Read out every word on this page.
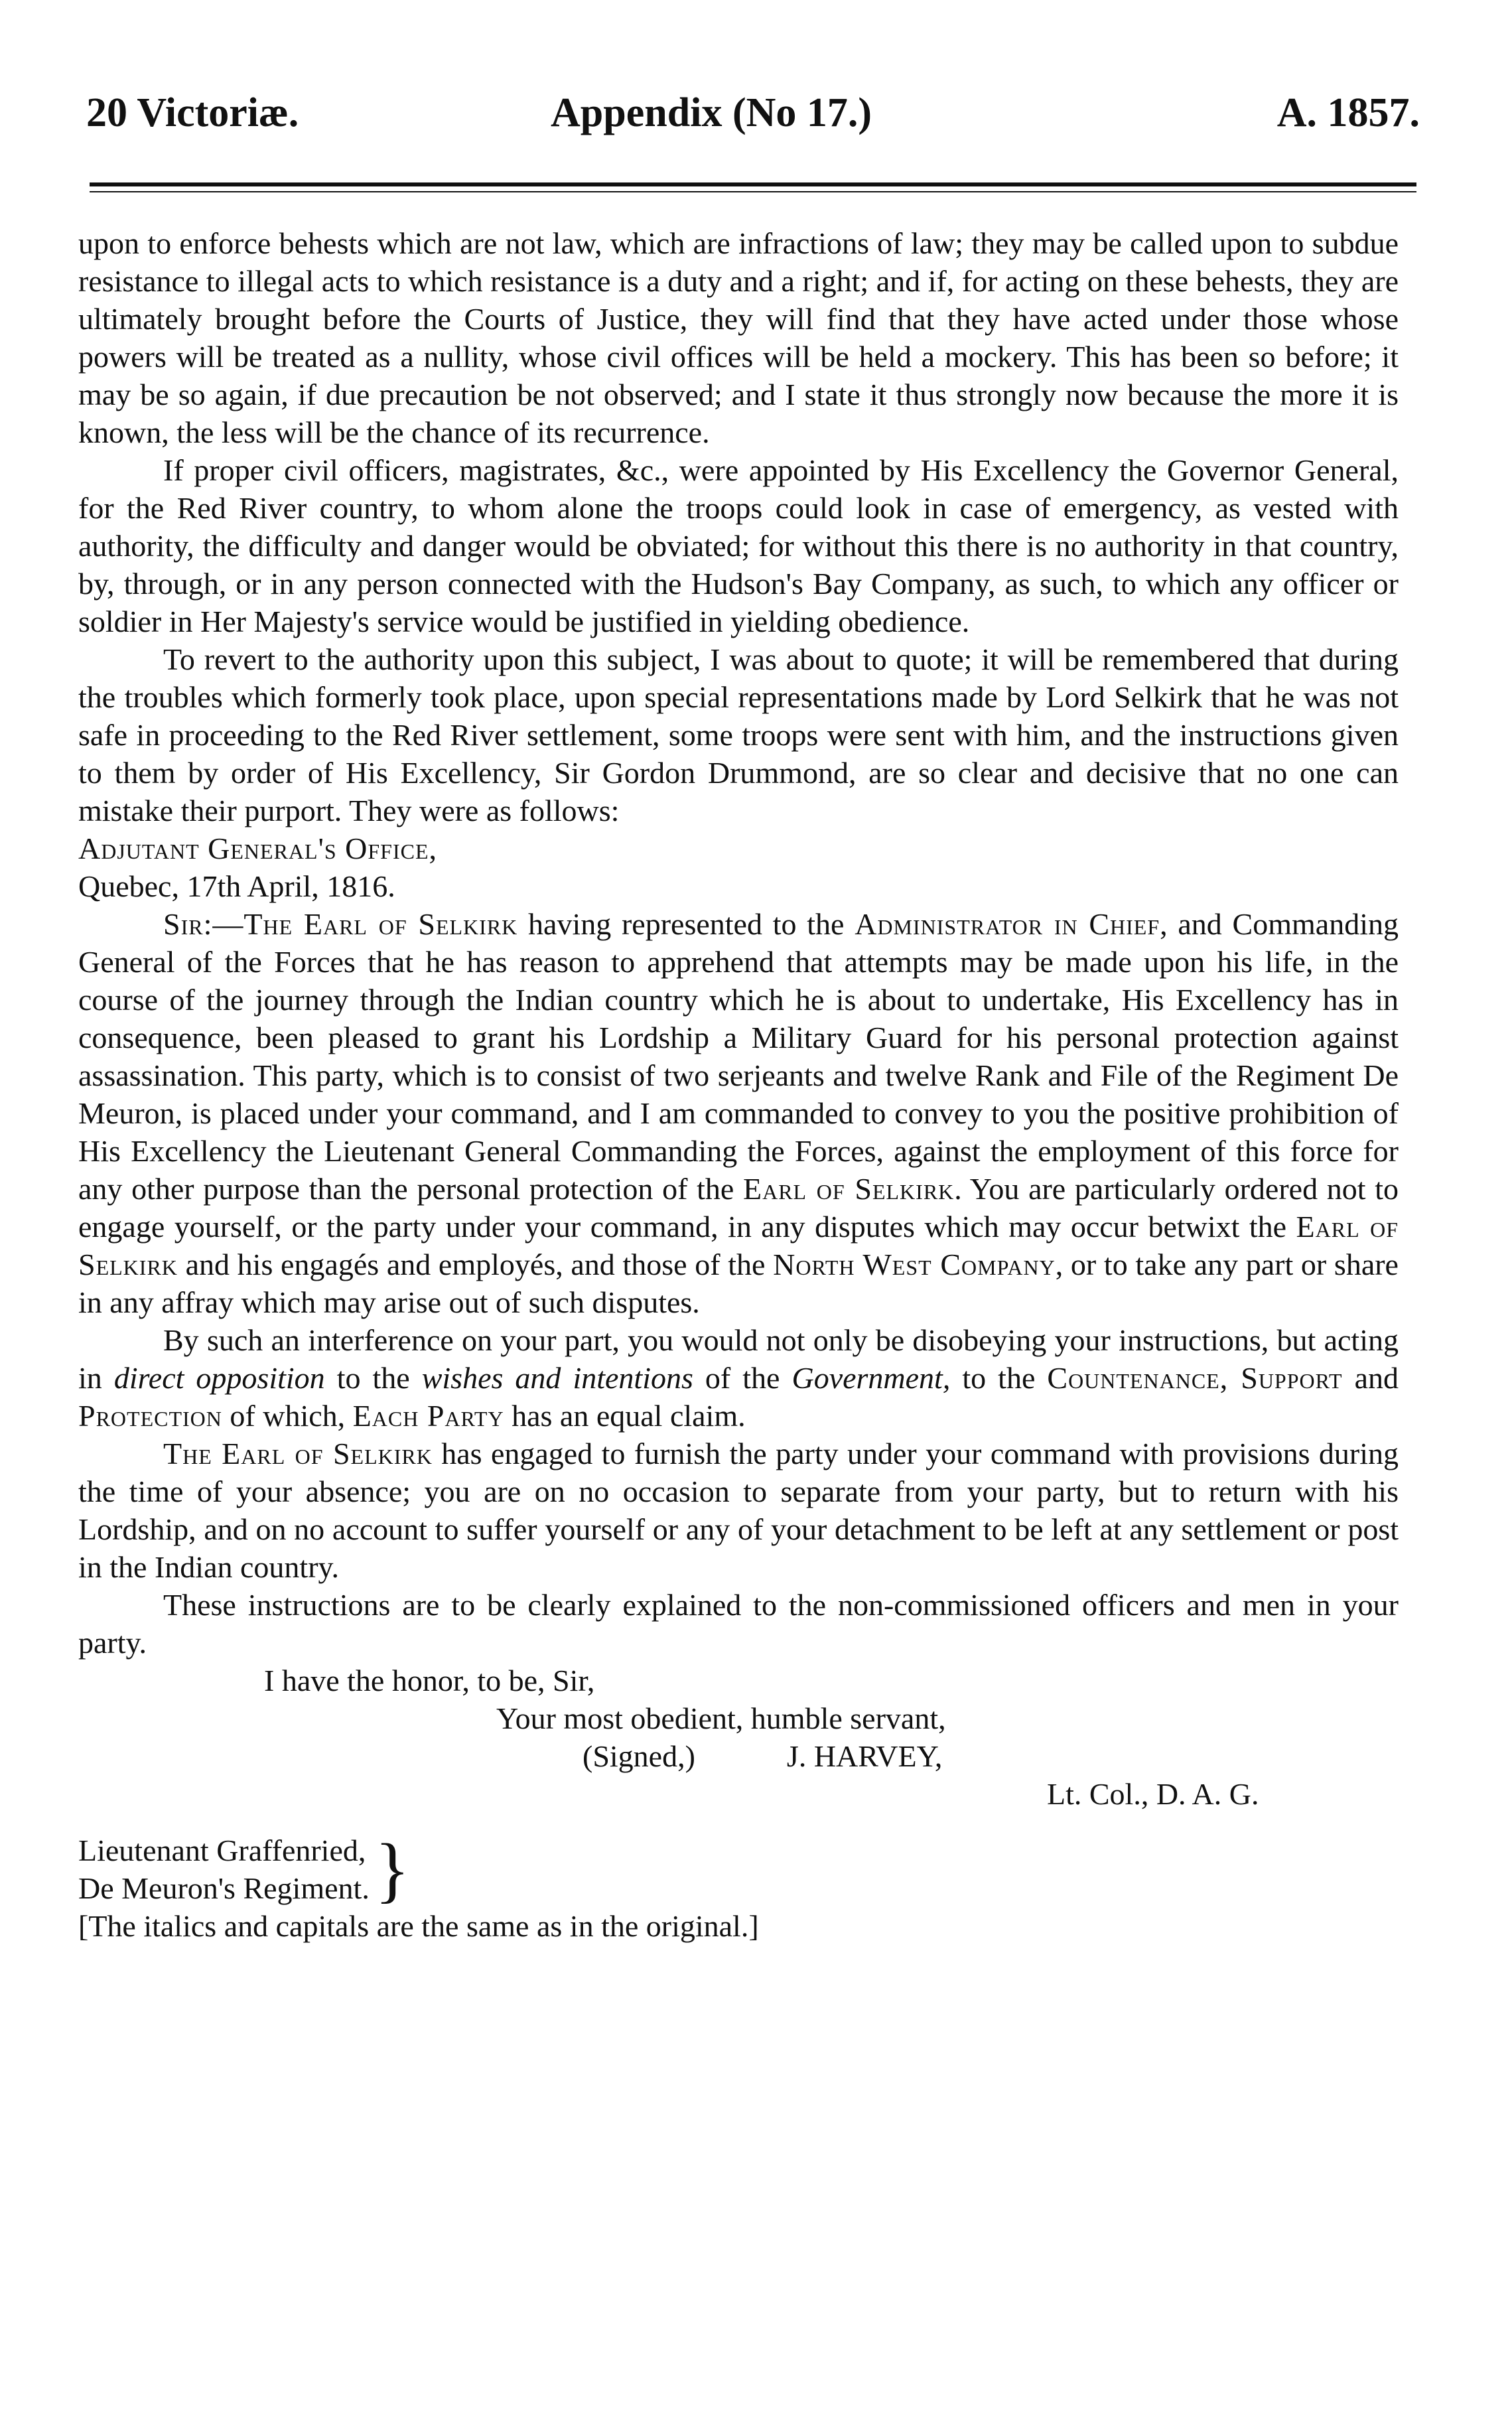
20 Victoriæ.	Appendix (No 17.)	A. 1857.

upon to enforce behests which are not law, which are infractions of law; they may be called upon to subdue resistance to illegal acts to which resistance is a duty and a right; and if, for acting on these behests, they are ultimately brought before the Courts of Justice, they will find that they have acted under those whose powers will be treated as a nullity, whose civil offices will be held a mockery. This has been so before; it may be so again, if due precaution be not observed; and I state it thus strongly now because the more it is known, the less will be the chance of its recurrence.

If proper civil officers, magistrates, &c., were appointed by His Excellency the Governor General, for the Red River country, to whom alone the troops could look in case of emergency, as vested with authority, the difficulty and danger would be obviated; for without this there is no authority in that country, by, through, or in any person connected with the Hudson's Bay Company, as such, to which any officer or soldier in Her Majesty's service would be justified in yielding obedience.

To revert to the authority upon this subject, I was about to quote; it will be remembered that during the troubles which formerly took place, upon special representations made by Lord Selkirk that he was not safe in proceeding to the Red River settlement, some troops were sent with him, and the instructions given to them by order of His Excellency, Sir Gordon Drummond, are so clear and decisive that no one can mistake their purport. They were as follows:

Adjutant General's Office,

Quebec, 17th April, 1816.

Sir:—The Earl of Selkirk having represented to the Administrator in Chief, and Commanding General of the Forces that he has reason to apprehend that attempts may be made upon his life, in the course of the journey through the Indian country which he is about to undertake, His Excellency has in consequence, been pleased to grant his Lordship a Military Guard for his personal protection against assassination. This party, which is to consist of two serjeants and twelve Rank and File of the Regiment De Meuron, is placed under your command, and I am commanded to convey to you the positive prohibition of His Excellency the Lieutenant General Commanding the Forces, against the employment of this force for any other purpose than the personal protection of the Earl of Selkirk. You are particularly ordered not to engage yourself, or the party under your command, in any disputes which may occur betwixt the Earl of Selkirk and his engagés and employés, and those of the North West Company, or to take any part or share in any affray which may arise out of such disputes.

By such an interference on your part, you would not only be disobeying your instructions, but acting in direct opposition to the wishes and intentions of the Government, to the Countenance, Support and Protection of which, Each Party has an equal claim.

The Earl of Selkirk has engaged to furnish the party under your command with provisions during the time of your absence; you are on no occasion to separate from your party, but to return with his Lordship, and on no account to suffer yourself or any of your detachment to be left at any settlement or post in the Indian country.

These instructions are to be clearly explained to the non-commissioned officers and men in your party.

I have the honor, to be, Sir,

Your most obedient, humble servant,

(Signed,)	J. HARVEY,

Lt. Col., D. A. G.

Lieutenant Graffenried,

De Meuron's Regiment. }

[The italics and capitals are the same as in the original.]
